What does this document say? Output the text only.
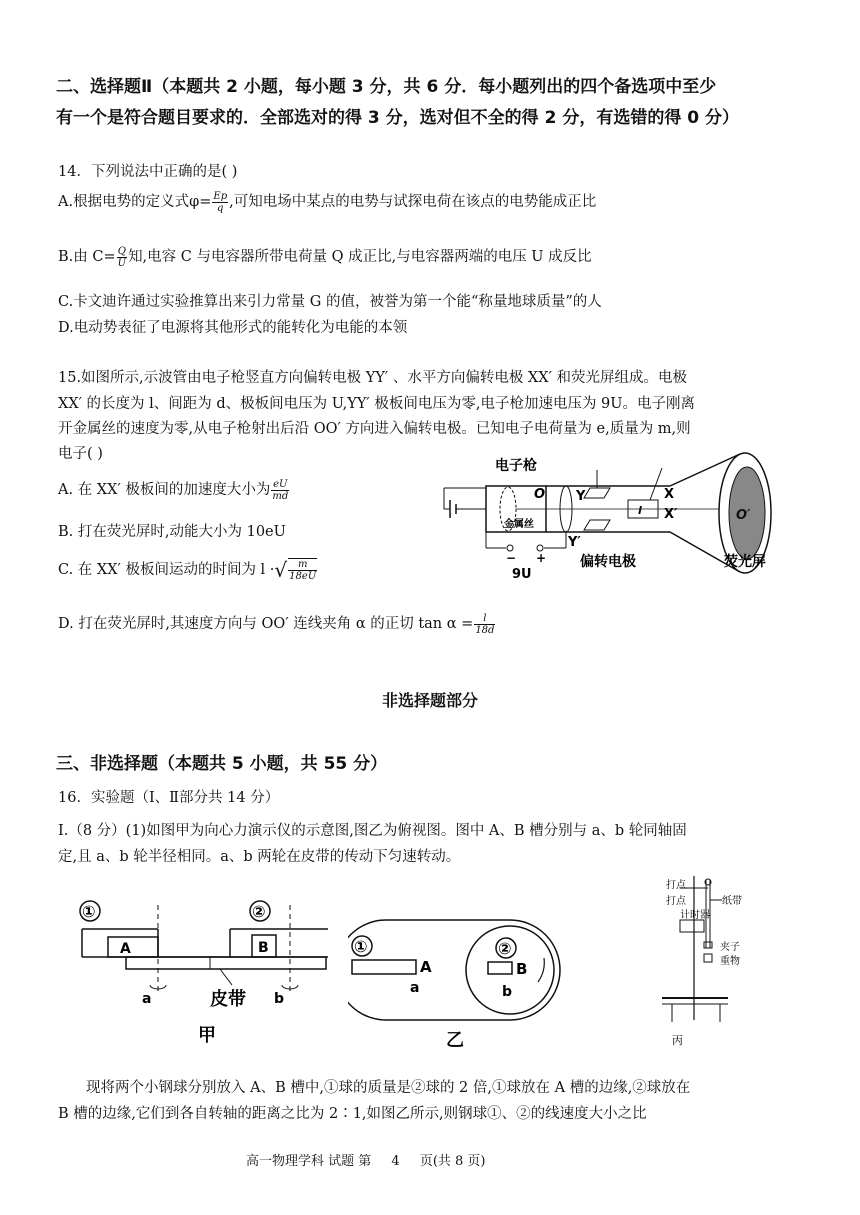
二、选择题Ⅱ（本题共 2 小题，每小题 3 分，共 6 分．每小题列出的四个备选项中至少
有一个是符合题目要求的．全部选对的得 3 分，选对但不全的得 2 分，有选错的得 0 分）
14．下列说法中正确的是( )
A.根据电势的定义式$\varphi= \frac{Ep}{q}$ ,可知电场中某点的电势与试探电荷在该点的电势能成正比
B.由 $C= \frac{Q}{U}$ 知,电容 C 与电容器所带电荷量 Q 成正比,与电容器两端的电压 U 成反比
C.卡文迪许通过实验推算出来引力常量 G 的值，被誉为第一个能“称量地球质量”的人
D.电动势表征了电源将其他形式的能转化为电能的本领
15.如图所示,示波管由电子枪竖直方向偏转电极 YY′ 、水平方向偏转电极 XX′ 和荧光屏组成。电极
XX′ 的长度为 l、间距为 d、极板间电压为 U,YY′ 极板间电压为零,电子枪加速电压为 9U。电子刚离
开金属丝的速度为零,从电子枪射出后沿 OO′ 方向进入偏转电极。已知电子电荷量为 e,质量为 m,则
电子( )
A. 在 XX′ 极板间的加速度大小为 $\frac{eU}{md}$
B. 打在荧光屏时,动能大小为 10eU
C. 在 XX′ 极板间运动的时间为 l ·√ $\frac{m}{18eU}$
D. 打在荧光屏时,其速度方向与 OO′ 连线夹角 α 的正切 $\tan \alpha = \frac{l}{18d}$
电子枪
金属丝
O Y
Y′
l
X
X′	O′
− +
9U
偏转电极	荧光屏
非选择题部分
三、非选择题（本题共 5 小题，共 55 分）
16．实验题（Ⅰ、Ⅱ部分共 14 分）
Ⅰ.（8 分）(1)如图甲为向心力演示仪的示意图,图乙为俯视图。图中 A、B 槽分别与 a、b 轮同轴固
定,且 a、b 轮半径相同。a、b 两轮在皮带的传动下匀速转动。
①	②
A	B
皮带
a	b
甲
①
A
a
②
B
b
乙
打点
打点
计时器
纸带
夹子
重物
丙
现将两个小钢球分别放入 A、B 槽中,①球的质量是②球的 2 倍,①球放在 A 槽的边缘,②球放在
B 槽的边缘,它们到各自转轴的距离之比为 2∶1,如图乙所示,则钢球①、②的线速度大小之比
高一物理学科 试题 第 4 页(共 8 页)
